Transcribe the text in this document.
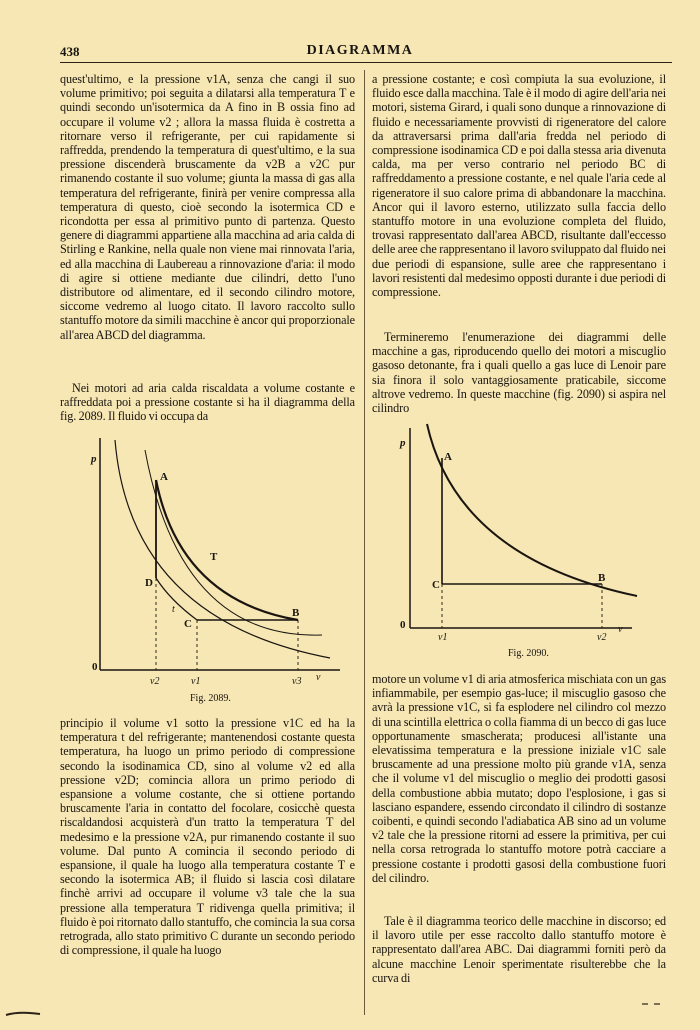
438	DIAGRAMMA

quest'ultimo, e la pressione v1A, senza che cangi il suo volume primitivo; poi seguita a dilatarsi alla temperatura T e quindi secondo un'isotermica da A fino in B ossia fino ad occupare il volume v2 ; allora la massa fluida è costretta a ritornare verso il refrigerante, per cui rapidamente si raffredda, prendendo la temperatura di quest'ultimo, e la sua pressione discenderà bruscamente da v2B a v2C pur rimanendo costante il suo volume; giunta la massa di gas alla temperatura del refrigerante, finirà per venire compressa alla temperatura di questo, cioè secondo la isotermica CD e ricondotta per essa al primitivo punto di partenza. Questo genere di diagrammi appartiene alla macchina ad aria calda di Stirling e Rankine, nella quale non viene mai rinnovata l'aria, ed alla macchina di Laubereau a rinnovazione d'aria: il modo di agire si ottiene mediante due cilindri, detto l'uno distributore od alimentare, ed il secondo cilindro motore, siccome vedremo al luogo citato. Il lavoro raccolto sullo stantuffo motore da simili macchine è ancor qui proporzionale all'area ABCD del diagramma.

Nei motori ad aria calda riscaldata a volume costante e raffreddata poi a pressione costante si ha il diagramma della fig. 2089. Il fluido vi occupa da

principio il volume v1 sotto la pressione v1C ed ha la temperatura t del refrigerante; mantenendosi costante questa temperatura, ha luogo un primo periodo di compressione secondo la isodinamica CD, sino al volume v2 ed alla pressione v2D; comincia allora un primo periodo di espansione a volume costante, che si ottiene portando bruscamente l'aria in contatto del focolare, cosicchè questa riscaldandosi acquisterà d'un tratto la temperatura T del medesimo e la pressione v2A, pur rimanendo costante il suo volume. Dal punto A comincia il secondo periodo di espansione, il quale ha luogo alla temperatura costante T e secondo la isotermica AB; il fluido si lascia così dilatare finchè arrivi ad occupare il volume v3 tale che la sua pressione alla temperatura T ridivenga quella primitiva; il fluido è poi ritornato dallo stantuffo, che comincia la sua corsa retrograda, allo stato primitivo C durante un secondo periodo di compressione, il quale ha luogo

p
A
T
D
t
C
B
0
v2	v1	v3 v
Fig. 2089.

a pressione costante; e così compiuta la sua evoluzione, il fluido esce dalla macchina. Tale è il modo di agire dell'aria nei motori, sistema Girard, i quali sono dunque a rinnovazione di fluido e necessariamente provvisti di rigeneratore del calore da attraversarsi prima dall'aria fredda nel periodo di compressione isodinamica CD e poi dalla stessa aria divenuta calda, ma per verso contrario nel periodo BC di raffreddamento a pressione costante, e nel quale l'aria cede al rigeneratore il suo calore prima di abbandonare la macchina. Ancor qui il lavoro esterno, utilizzato sulla faccia dello stantuffo motore in una evoluzione completa del fluido, trovasi rappresentato dall'area ABCD, risultante dall'eccesso delle aree che rappresentano il lavoro sviluppato dal fluido nei due periodi di espansione, sulle aree che rappresentano i lavori resistenti dal medesimo opposti durante i due periodi di compressione.

Termineremo l'enumerazione dei diagrammi delle macchine a gas, riproducendo quello dei motori a miscuglio gasoso detonante, fra i quali quello a gas luce di Lenoir pare sia finora il solo vantaggiosamente praticabile, siccome altrove vedremo. In queste macchine (fig. 2090) si aspira nel cilindro

p
A
C
B
0
v1	v2
v
Fig. 2090.

motore un volume v1 di aria atmosferica mischiata con un gas infiammabile, per esempio gas-luce; il miscuglio gasoso che avrà la pressione v1C, si fa esplodere nel cilindro col mezzo di una scintilla elettrica o colla fiamma di un becco di gas luce opportunamente smascherata; producesi all'istante una elevatissima temperatura e la pressione iniziale v1C sale bruscamente ad una pressione molto più grande v1A, senza che il volume v1 del miscuglio o meglio dei prodotti gasosi della combustione abbia mutato; dopo l'esplosione, i gas si lasciano espandere, essendo circondato il cilindro di sostanze coibenti, e quindi secondo l'adiabatica AB sino ad un volume v2 tale che la pressione ritorni ad essere la primitiva, per cui nella corsa retrograda lo stantuffo motore potrà cacciare a pressione costante i prodotti gasosi della combustione fuori del cilindro.

Tale è il diagramma teorico delle macchine in discorso; ed il lavoro utile per esse raccolto dallo stantuffo motore è rappresentato dall'area ABC. Dai diagrammi forniti però da alcune macchine Lenoir sperimentate risulterebbe che la curva di
